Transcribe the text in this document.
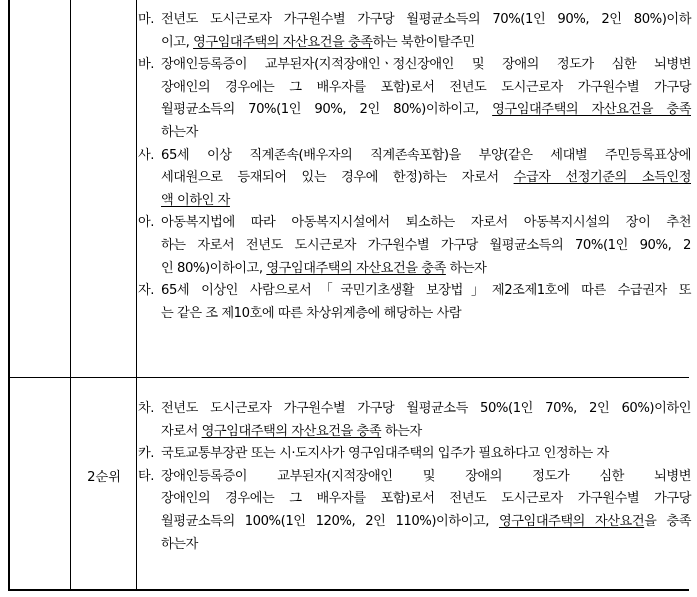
마. 전년도 도시근로자 가구원수별 가구당 월평균소득의 70%(1인 90%, 2인 80%)이하
이고, 영구임대주택의 자산요건을 충족하는 북한이탈주민
바. 장애인등록증이 교부된자(지적장애인ㆍ정신장애인 및 장애의 정도가 심한 뇌병변
장애인의 경우에는 그 배우자를 포함)로서 전년도 도시근로자 가구원수별 가구당
월평균소득의 70%(1인 90%, 2인 80%)이하이고, 영구임대주택의 자산요건을 충족
하는자
사. 65세 이상 직계존속(배우자의 직계존속포함)을 부양(같은 세대별 주민등록표상에
세대원으로 등재되어 있는 경우에 한정)하는 자로서 수급자 선정기준의 소득인정
액 이하인 자
아. 아동복지법에 따라 아동복지시설에서 퇴소하는 자로서 아동복지시설의 장이 추천
하는 자로서 전년도 도시근로자 가구원수별 가구당 월평균소득의 70%(1인 90%, 2
인 80%)이하이고, 영구임대주택의 자산요건을 충족 하는자
자. 65세 이상인 사람으로서「국민기초생활 보장법」제2조제1호에 따른 수급권자 또
는 같은 조 제10호에 따른 차상위계층에 해당하는 사람
차. 전년도 도시근로자 가구원수별 가구당 월평균소득 50%(1인 70%, 2인 60%)이하인
자로서 영구임대주택의 자산요건을 충족 하는자
카. 국토교통부장관 또는 시·도지사가 영구임대주택의 입주가 필요하다고 인정하는 자
타. 장애인등록증이 교부된자(지적장애인 및 장애의 정도가 심한 뇌병변
장애인의 경우에는 그 배우자를 포함)로서 전년도 도시근로자 가구원수별 가구당
월평균소득의 100%(1인 120%, 2인 110%)이하이고, 영구임대주택의 자산요건을 충족
하는자
2순위
